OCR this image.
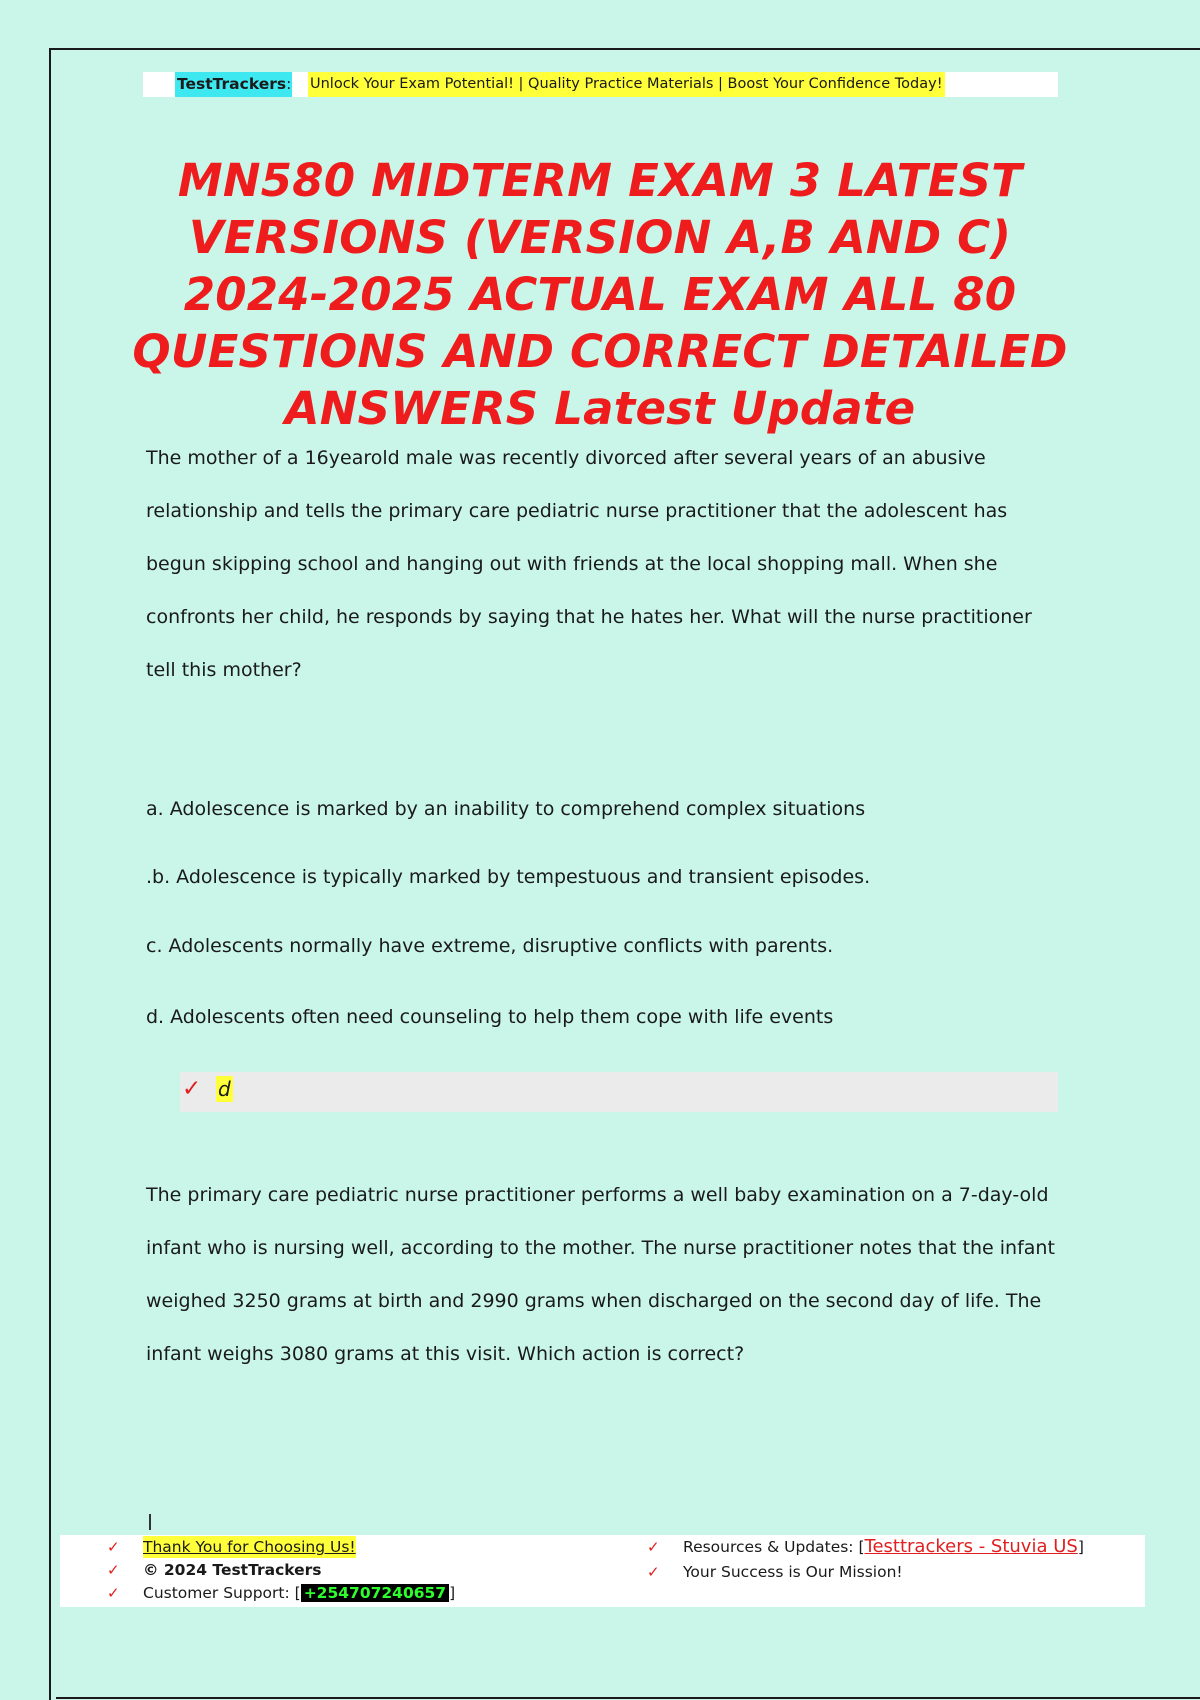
TestTrackers: Unlock Your Exam Potential! | Quality Practice Materials | Boost Your Confidence Today!
MN580 MIDTERM EXAM 3 LATEST VERSIONS (VERSION A,B AND C) 2024-2025 ACTUAL EXAM ALL 80 QUESTIONS AND CORRECT DETAILED ANSWERS Latest Update

The mother of a 16yearold male was recently divorced after several years of an abusive relationship and tells the primary care pediatric nurse practitioner that the adolescent has begun skipping school and hanging out with friends at the local shopping mall. When she confronts her child, he responds by saying that he hates her. What will the nurse practitioner tell this mother?

a. Adolescence is marked by an inability to comprehend complex situations
.b. Adolescence is typically marked by tempestuous and transient episodes.
c. Adolescents normally have extreme, disruptive conflicts with parents.
d. Adolescents often need counseling to help them cope with life events
✓ d

The primary care pediatric nurse practitioner performs a well baby examination on a 7-day-old infant who is nursing well, according to the mother. The nurse practitioner notes that the infant weighed 3250 grams at birth and 2990 grams when discharged on the second day of life. The infant weighs 3080 grams at this visit. Which action is correct?

✓ Thank You for Choosing Us!
✓ © 2024 TestTrackers
✓ Customer Support: [ +254707240657 ]
✓ Resources & Updates: [Testtrackers - Stuvia US]
✓ Your Success is Our Mission!
